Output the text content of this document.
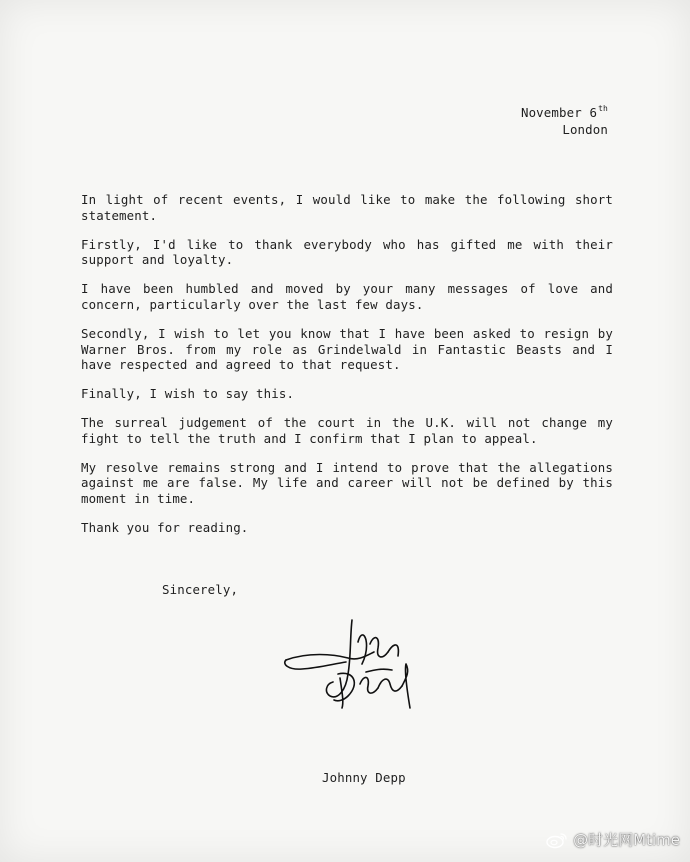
November 6th
London

In light of recent events, I would like to make the following short statement.

Firstly, I'd like to thank everybody who has gifted me with their support and loyalty.

I have been humbled and moved by your many messages of love and concern, particularly over the last few days.

Secondly, I wish to let you know that I have been asked to resign by Warner Bros. from my role as Grindelwald in Fantastic Beasts and I have respected and agreed to that request.

Finally, I wish to say this.

The surreal judgement of the court in the U.K. will not change my fight to tell the truth and I confirm that I plan to appeal.

My resolve remains strong and I intend to prove that the allegations against me are false. My life and career will not be defined by this moment in time.

Thank you for reading.

Sincerely,
Johnny Depp
@时光网Mtime
